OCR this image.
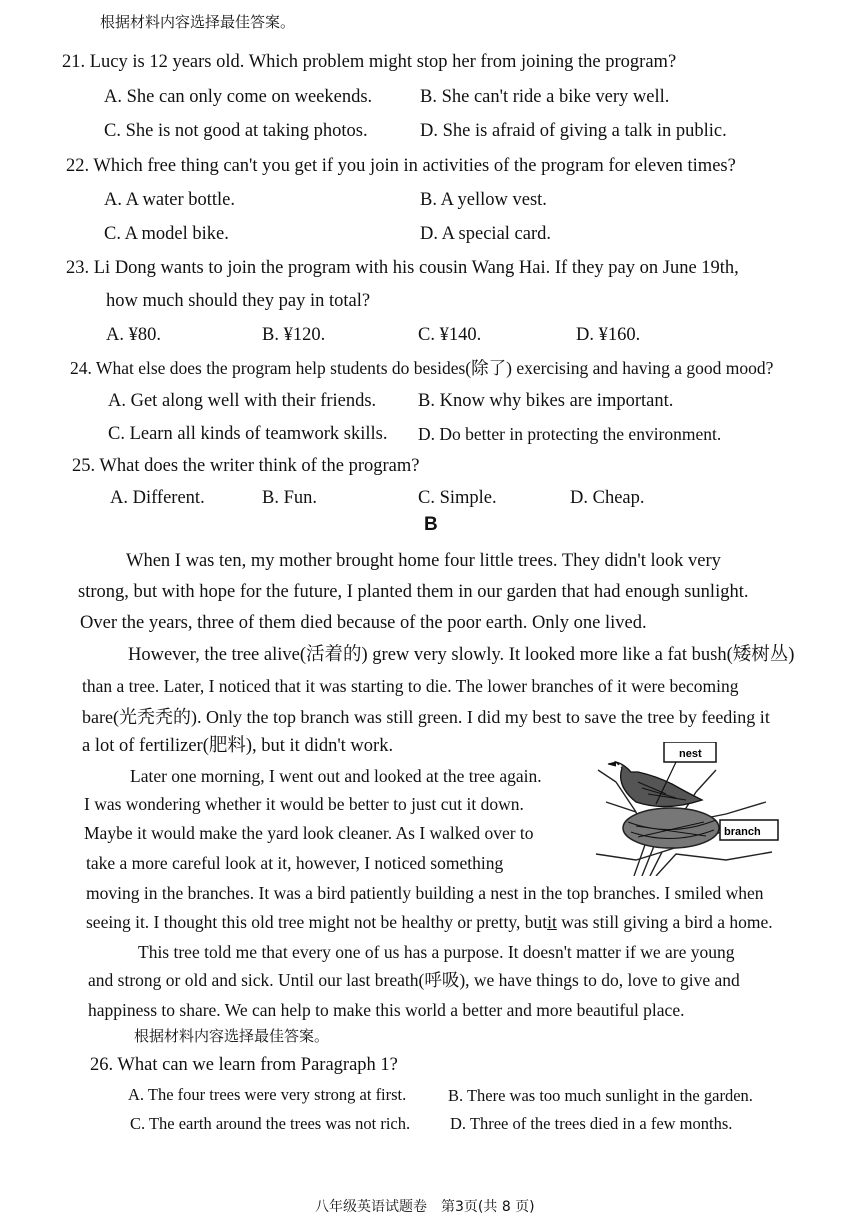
根据材料内容选择最佳答案。
21. Lucy is 12 years old. Which problem might stop her from joining the program?
A. She can only come on weekends.	B. She can't ride a bike very well.
C. She is not good at taking photos.	D. She is afraid of giving a talk in public.
22. Which free thing can't you get if you join in activities of the program for eleven times?
A. A water bottle.	B. A yellow vest.
C. A model bike.	D. A special card.
23. Li Dong wants to join the program with his cousin Wang Hai. If they pay on June 19th,
how much should they pay in total?
A. ¥80.	B. ¥120.	C. ¥140.	D. ¥160.
24. What else does the program help students do besides(除了) exercising and having a good mood?
A. Get along well with their friends. B. Know why bikes are important.
C. Learn all kinds of teamwork skills. D. Do better in protecting the environment.
25. What does the writer think of the program?
A. Different.	B. Fun.	C. Simple.	D. Cheap.
B
When I was ten, my mother brought home four little trees. They didn't look very
strong, but with hope for the future, I planted them in our garden that had enough sunlight.
Over the years, three of them died because of the poor earth. Only one lived.
However, the tree alive(活着的) grew very slowly. It looked more like a fat bush(矮树丛)
than a tree. Later, I noticed that it was starting to die. The lower branches of it were becoming
bare(光秃秃的). Only the top branch was still green. I did my best to save the tree by feeding it
a lot of fertilizer(肥料), but it didn't work.
Later one morning, I went out and looked at the tree again.
I was wondering whether it would be better to just cut it down.
Maybe it would make the yard look cleaner. As I walked over to
take a more careful look at it, however, I noticed something
moving in the branches. It was a bird patiently building a nest in the top branches. I smiled when
seeing it. I thought this old tree might not be healthy or pretty, butit was still giving a bird a home.
This tree told me that every one of us has a purpose. It doesn't matter if we are young
and strong or old and sick. Until our last breath(呼吸), we have things to do, love to give and
happiness to share. We can help to make this world a better and more beautiful place.
nest
branch
根据材料内容选择最佳答案。
26. What can we learn from Paragraph 1?
A. The four trees were very strong at first.	B. There was too much sunlight in the garden.
C. The earth around the trees was not rich. D. Three of the trees died in a few months.
八年级英语试题卷　第3页(共 8 页)
